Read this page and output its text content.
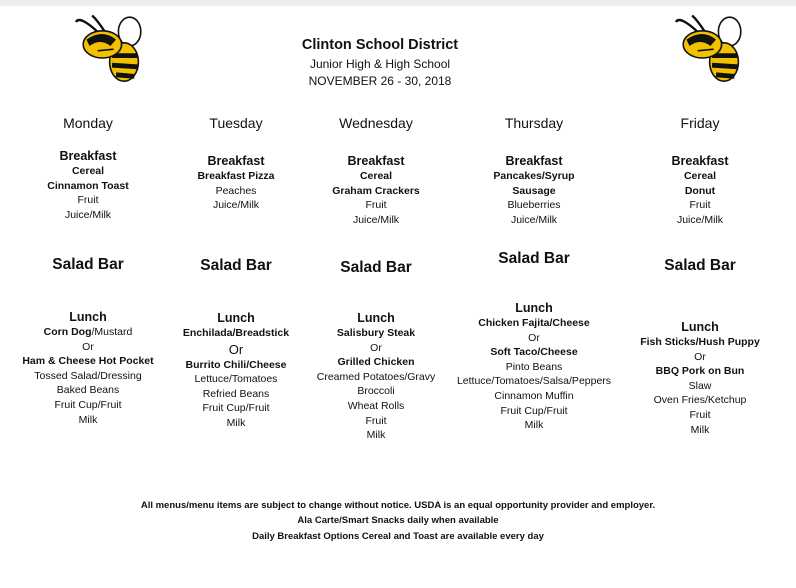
Clinton School District
Junior High & High School
NOVEMBER 26 - 30, 2018
Monday
Breakfast
Cereal
Cinnamon Toast
Fruit
Juice/Milk
Salad Bar
Lunch
Corn Dog/Mustard
Or
Ham & Cheese Hot Pocket
Tossed Salad/Dressing
Baked Beans
Fruit Cup/Fruit
Milk
Tuesday
Breakfast
Breakfast Pizza
Peaches
Juice/Milk
Salad Bar
Lunch
Enchilada/Breadstick
Or
Burrito Chili/Cheese
Lettuce/Tomatoes
Refried Beans
Fruit Cup/Fruit
Milk
Wednesday
Breakfast
Cereal
Graham Crackers
Fruit
Juice/Milk
Salad Bar
Lunch
Salisbury Steak
Or
Grilled Chicken
Creamed Potatoes/Gravy
Broccoli
Wheat Rolls
Fruit
Milk
Thursday
Breakfast
Pancakes/Syrup
Sausage
Blueberries
Juice/Milk
Salad Bar
Lunch
Chicken Fajita/Cheese
Or
Soft Taco/Cheese
Pinto Beans
Lettuce/Tomatoes/Salsa/Peppers
Cinnamon Muffin
Fruit Cup/Fruit
Milk
Friday
Breakfast
Cereal
Donut
Fruit
Juice/Milk
Salad Bar
Lunch
Fish Sticks/Hush Puppy
Or
BBQ Pork on Bun
Slaw
Oven Fries/Ketchup
Fruit
Milk
All menus/menu items are subject to change without notice. USDA is an equal opportunity provider and employer.
Ala Carte/Smart Snacks daily when available
Daily Breakfast Options Cereal and Toast are available every day
